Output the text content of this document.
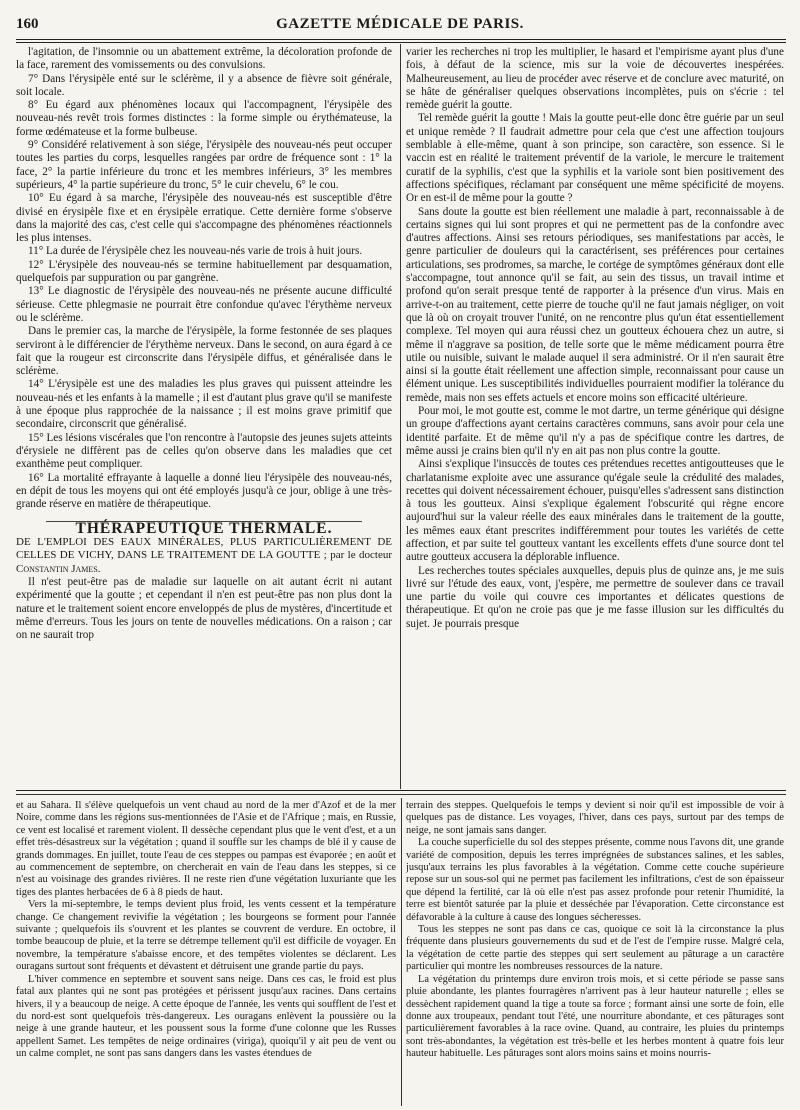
160	GAZETTE MÉDICALE DE PARIS.

l'agitation, de l'insomnie ou un abattement extrême, la décoloration profonde de la face, rarement des vomissements ou des convulsions.

7° Dans l'érysipèle enté sur le sclérème, il y a absence de fièvre soit générale, soit locale.

8° Eu égard aux phénomènes locaux qui l'accompagnent, l'érysipèle des nouveau-nés revêt trois formes distinctes : la forme simple ou érythémateuse, la forme œdémateuse et la forme bulbeuse.

9° Considéré relativement à son siége, l'érysipèle des nouveau-nés peut occuper toutes les parties du corps, lesquelles rangées par ordre de fréquence sont : 1° la face, 2° la partie inférieure du tronc et les membres inférieurs, 3° les membres supérieurs, 4° la partie supérieure du tronc, 5° le cuir chevelu, 6° le cou.

10° Eu égard à sa marche, l'érysipèle des nouveau-nés est susceptible d'être divisé en érysipèle fixe et en érysipèle erratique. Cette dernière forme s'observe dans la majorité des cas, c'est celle qui s'accompagne des phénomènes réactionnels les plus intenses.

11° La durée de l'érysipèle chez les nouveau-nés varie de trois à huit jours.

12° L'érysipèle des nouveau-nés se termine habituellement par desquamation, quelquefois par suppuration ou par gangrène.

13° Le diagnostic de l'érysipèle des nouveau-nés ne présente aucune difficulté sérieuse. Cette phlegmasie ne pourrait être confondue qu'avec l'érythème nerveux ou le sclérème.

Dans le premier cas, la marche de l'érysipèle, la forme festonnée de ses plaques serviront à le différencier de l'érythème nerveux. Dans le second, on aura égard à ce fait que la rougeur est circonscrite dans l'érysipèle diffus, et généralisée dans le sclérème.

14° L'érysipèle est une des maladies les plus graves qui puissent atteindre les nouveau-nés et les enfants à la mamelle ; il est d'autant plus grave qu'il se manifeste à une époque plus rapprochée de la naissance ; il est moins grave primitif que secondaire, circonscrit que généralisé.

15° Les lésions viscérales que l'on rencontre à l'autopsie des jeunes sujets atteints d'érysiele ne diffèrent pas de celles qu'on observe dans les maladies que cet exanthème peut compliquer.

16° La mortalité effrayante à laquelle a donné lieu l'érysipèle des nouveau-nés, en dépit de tous les moyens qui ont été employés jusqu'à ce jour, oblige à une très-grande réserve en matière de thérapeutique.

THÉRAPEUTIQUE THERMALE.

DE L'EMPLOI DES EAUX MINÉRALES, PLUS PARTICULIÈREMENT DE CELLES DE VICHY, DANS LE TRAITEMENT DE LA GOUTTE ; par le docteur Constantin James.

Il n'est peut-être pas de maladie sur laquelle on ait autant écrit ni autant expérimenté que la goutte ; et cependant il n'en est peut-être pas non plus dont la nature et le traitement soient encore enveloppés de plus de mystères, d'incertitude et même d'erreurs. Tous les jours on tente de nouvelles médications. On a raison ; car on ne saurait trop

varier les recherches ni trop les multiplier, le hasard et l'empirisme ayant plus d'une fois, à défaut de la science, mis sur la voie de découvertes inespérées. Malheureusement, au lieu de procéder avec réserve et de conclure avec maturité, on se hâte de généraliser quelques observations incomplètes, puis on s'écrie : tel remède guérit la goutte.

Tel remède guérit la goutte ! Mais la goutte peut-elle donc être guérie par un seul et unique remède ? Il faudrait admettre pour cela que c'est une affection toujours semblable à elle-même, quant à son principe, son caractère, son essence. Si le vaccin est en réalité le traitement préventif de la variole, le mercure le traitement curatif de la syphilis, c'est que la syphilis et la variole sont bien positivement des affections spécifiques, réclamant par conséquent une même spécificité de moyens. Or en est-il de même pour la goutte ?

Sans doute la goutte est bien réellement une maladie à part, reconnaissable à de certains signes qui lui sont propres et qui ne permettent pas de la confondre avec d'autres affections. Ainsi ses retours périodiques, ses manifestations par accès, le genre particulier de douleurs qui la caractérisent, ses préférences pour certaines articulations, ses prodromes, sa marche, le cortége de symptômes généraux dont elle s'accompagne, tout annonce qu'il se fait, au sein des tissus, un travail intime et profond qu'on serait presque tenté de rapporter à la présence d'un virus. Mais en arrive-t-on au traitement, cette pierre de touche qu'il ne faut jamais négliger, on voit que là où on croyait trouver l'unité, on ne rencontre plus qu'un état essentiellement complexe. Tel moyen qui aura réussi chez un goutteux échouera chez un autre, si même il n'aggrave sa position, de telle sorte que le même médicament pourra être utile ou nuisible, suivant le malade auquel il sera administré. Or il n'en saurait être ainsi si la goutte était réellement une affection simple, reconnaissant pour cause un élément unique. Les susceptibilités individuelles pourraient modifier la tolérance du remède, mais non ses effets actuels et encore moins son efficacité ultérieure.

Pour moi, le mot goutte est, comme le mot dartre, un terme générique qui désigne un groupe d'affections ayant certains caractères communs, sans avoir pour cela une identité parfaite. Et de même qu'il n'y a pas de spécifique contre les dartres, de même aussi je crains bien qu'il n'y en ait pas non plus contre la goutte.

Ainsi s'explique l'insuccès de toutes ces prétendues recettes antigoutteuses que le charlatanisme exploite avec une assurance qu'égale seule la crédulité des malades, recettes qui doivent nécessairement échouer, puisqu'elles s'adressent sans distinction à tous les goutteux. Ainsi s'explique également l'obscurité qui règne encore aujourd'hui sur la valeur réelle des eaux minérales dans le traitement de la goutte, les mêmes eaux étant prescrites indifféremment pour toutes les variétés de cette affection, et par suite tel goutteux vantant les excellents effets d'une source dont tel autre goutteux accusera la déplorable influence.

Les recherches toutes spéciales auxquelles, depuis plus de quinze ans, je me suis livré sur l'étude des eaux, vont, j'espère, me permettre de soulever dans ce travail une partie du voile qui couvre ces importantes et délicates questions de thérapeutique. Et qu'on ne croie pas que je me fasse illusion sur les difficultés du sujet. Je pourrais presque

et au Sahara. Il s'élève quelquefois un vent chaud au nord de la mer d'Azof et de la mer Noire, comme dans les régions sus-mentionnées de l'Asie et de l'Afrique ; mais, en Russie, ce vent est localisé et rarement violent. Il dessèche cependant plus que le vent d'est, et a un effet très-désastreux sur la végétation ; quand il souffle sur les champs de blé il y cause de grands dommages. En juillet, toute l'eau de ces steppes ou pampas est évaporée ; en août et au commencement de septembre, on chercherait en vain de l'eau dans les steppes, si ce n'est au voisinage des grandes rivières. Il ne reste rien d'une végétation luxuriante que les tiges des plantes herbacées de 6 à 8 pieds de haut.

Vers la mi-septembre, le temps devient plus froid, les vents cessent et la température change. Ce changement revivifie la végétation ; les bourgeons se forment pour l'année suivante ; quelquefois ils s'ouvrent et les plantes se couvrent de verdure. En octobre, il tombe beaucoup de pluie, et la terre se détrempe tellement qu'il est difficile de voyager. En novembre, la température s'abaisse encore, et des tempêtes violentes se déclarent. Les ouragans surtout sont fréquents et dévastent et détruisent une grande partie du pays.

L'hiver commence en septembre et souvent sans neige. Dans ces cas, le froid est plus fatal aux plantes qui ne sont pas protégées et périssent jusqu'aux racines. Dans certains hivers, il y a beaucoup de neige. A cette époque de l'année, les vents qui soufflent de l'est et du nord-est sont quelquefois très-dangereux. Les ouragans enlèvent la poussière ou la neige à une grande hauteur, et les poussent sous la forme d'une colonne que les Russes appellent Samet. Les tempêtes de neige ordinaires (viriga), quoiqu'il y ait peu de vent ou un calme complet, ne sont pas sans dangers dans les vastes étendues de

terrain des steppes. Quelquefois le temps y devient si noir qu'il est impossible de voir à quelques pas de distance. Les voyages, l'hiver, dans ces pays, surtout par des temps de neige, ne sont jamais sans danger.

La couche superficielle du sol des steppes présente, comme nous l'avons dit, une grande variété de composition, depuis les terres imprégnées de substances salines, et les sables, jusqu'aux terrains les plus favorables à la végétation. Comme cette couche supérieure repose sur un sous-sol qui ne permet pas facilement les infiltrations, c'est de son épaisseur que dépend la fertilité, car là où elle n'est pas assez profonde pour retenir l'humidité, la terre est bientôt saturée par la pluie et desséchée par l'évaporation. Cette circonstance est défavorable à la culture à cause des longues sécheresses.

Tous les steppes ne sont pas dans ce cas, quoique ce soit là la circonstance la plus fréquente dans plusieurs gouvernements du sud et de l'est de l'empire russe. Malgré cela, la végétation de cette partie des steppes qui sert seulement au pâturage a un caractère particulier qui montre les nombreuses ressources de la nature.

La végétation du printemps dure environ trois mois, et si cette période se passe sans pluie abondante, les plantes fourragères n'arrivent pas à leur hauteur naturelle ; elles se dessèchent rapidement quand la tige a toute sa force ; formant ainsi une sorte de foin, elle donne aux troupeaux, pendant tout l'été, une nourriture abondante, et ces pâturages sont particulièrement favorables à la race ovine. Quand, au contraire, les pluies du printemps sont très-abondantes, la végétation est très-belle et les herbes montent à quatre fois leur hauteur habituelle. Les pâturages sont alors moins sains et moins nourris-
